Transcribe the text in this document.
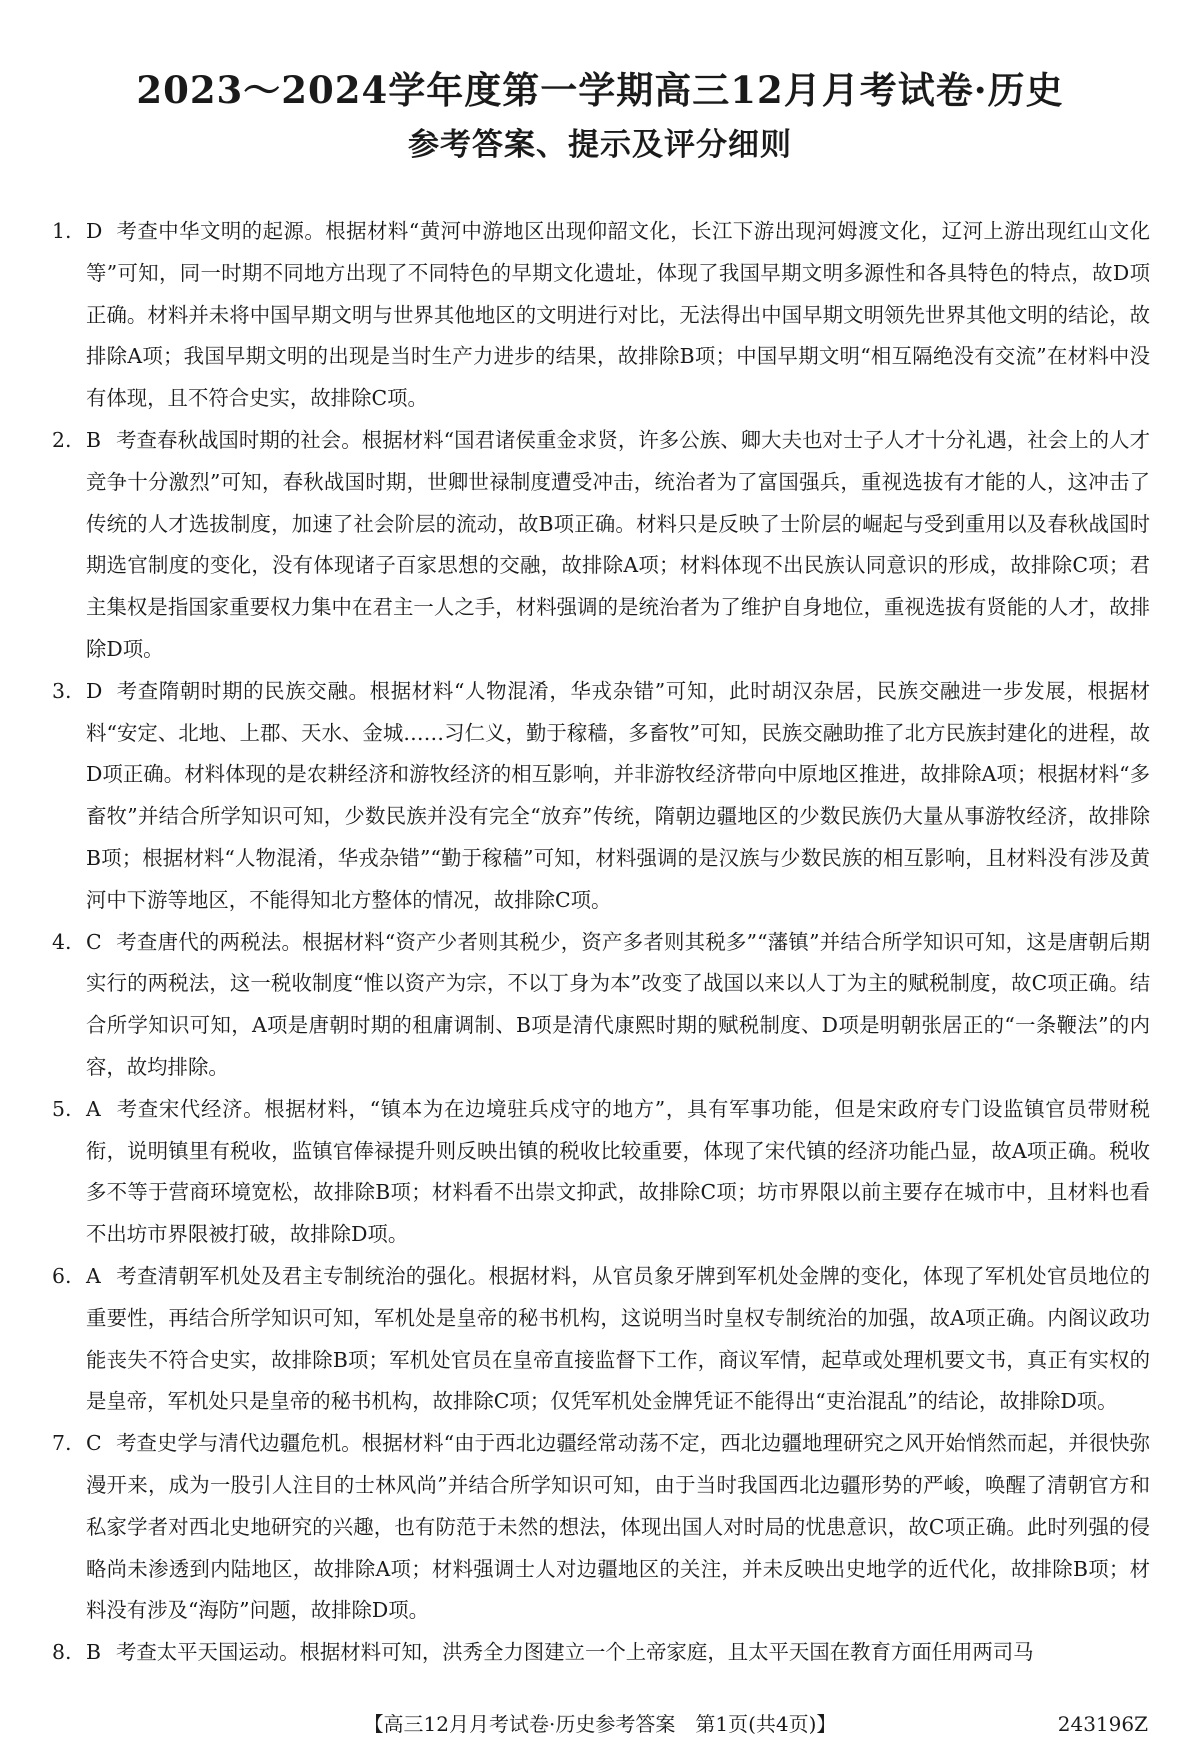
2023～2024学年度第一学期高三12月月考试卷·历史
参考答案、提示及评分细则

1. D 考查中华文明的起源。根据材料“黄河中游地区出现仰韶文化，长江下游出现河姆渡文化，辽河上游出现红山文化等”可知，同一时期不同地方出现了不同特色的早期文化遗址，体现了我国早期文明多源性和各具特色的特点，故D项正确。材料并未将中国早期文明与世界其他地区的文明进行对比，无法得出中国早期文明领先世界其他文明的结论，故排除A项；我国早期文明的出现是当时生产力进步的结果，故排除B项；中国早期文明“相互隔绝没有交流”在材料中没有体现，且不符合史实，故排除C项。

2. B 考查春秋战国时期的社会。根据材料“国君诸侯重金求贤，许多公族、卿大夫也对士子人才十分礼遇，社会上的人才竞争十分激烈”可知，春秋战国时期，世卿世禄制度遭受冲击，统治者为了富国强兵，重视选拔有才能的人，这冲击了传统的人才选拔制度，加速了社会阶层的流动，故B项正确。材料只是反映了士阶层的崛起与受到重用以及春秋战国时期选官制度的变化，没有体现诸子百家思想的交融，故排除A项；材料体现不出民族认同意识的形成，故排除C项；君主集权是指国家重要权力集中在君主一人之手，材料强调的是统治者为了维护自身地位，重视选拔有贤能的人才，故排除D项。

3. D 考查隋朝时期的民族交融。根据材料“人物混淆，华戎杂错”可知，此时胡汉杂居，民族交融进一步发展，根据材料“安定、北地、上郡、天水、金城……习仁义，勤于稼穑，多畜牧”可知，民族交融助推了北方民族封建化的进程，故D项正确。材料体现的是农耕经济和游牧经济的相互影响，并非游牧经济带向中原地区推进，故排除A项；根据材料“多畜牧”并结合所学知识可知，少数民族并没有完全“放弃”传统，隋朝边疆地区的少数民族仍大量从事游牧经济，故排除B项；根据材料“人物混淆，华戎杂错”“勤于稼穑”可知，材料强调的是汉族与少数民族的相互影响，且材料没有涉及黄河中下游等地区，不能得知北方整体的情况，故排除C项。

4. C 考查唐代的两税法。根据材料“资产少者则其税少，资产多者则其税多”“藩镇”并结合所学知识可知，这是唐朝后期实行的两税法，这一税收制度“惟以资产为宗，不以丁身为本”改变了战国以来以人丁为主的赋税制度，故C项正确。结合所学知识可知，A项是唐朝时期的租庸调制、B项是清代康熙时期的赋税制度、D项是明朝张居正的“一条鞭法”的内容，故均排除。

5. A 考查宋代经济。根据材料，“镇本为在边境驻兵戍守的地方”，具有军事功能，但是宋政府专门设监镇官员带财税衔，说明镇里有税收，监镇官俸禄提升则反映出镇的税收比较重要，体现了宋代镇的经济功能凸显，故A项正确。税收多不等于营商环境宽松，故排除B项；材料看不出崇文抑武，故排除C项；坊市界限以前主要存在城市中，且材料也看不出坊市界限被打破，故排除D项。

6. A 考查清朝军机处及君主专制统治的强化。根据材料，从官员象牙牌到军机处金牌的变化，体现了军机处官员地位的重要性，再结合所学知识可知，军机处是皇帝的秘书机构，这说明当时皇权专制统治的加强，故A项正确。内阁议政功能丧失不符合史实，故排除B项；军机处官员在皇帝直接监督下工作，商议军情，起草或处理机要文书，真正有实权的是皇帝，军机处只是皇帝的秘书机构，故排除C项；仅凭军机处金牌凭证不能得出“吏治混乱”的结论，故排除D项。

7. C 考查史学与清代边疆危机。根据材料“由于西北边疆经常动荡不定，西北边疆地理研究之风开始悄然而起，并很快弥漫开来，成为一股引人注目的士林风尚”并结合所学知识可知，由于当时我国西北边疆形势的严峻，唤醒了清朝官方和私家学者对西北史地研究的兴趣，也有防范于未然的想法，体现出国人对时局的忧患意识，故C项正确。此时列强的侵略尚未渗透到内陆地区，故排除A项；材料强调士人对边疆地区的关注，并未反映出史地学的近代化，故排除B项；材料没有涉及“海防”问题，故排除D项。

8. B 考查太平天国运动。根据材料可知，洪秀全力图建立一个上帝家庭，且太平天国在教育方面任用两司马

【高三12月月考试卷·历史参考答案　第1页(共4页)】	243196Z
